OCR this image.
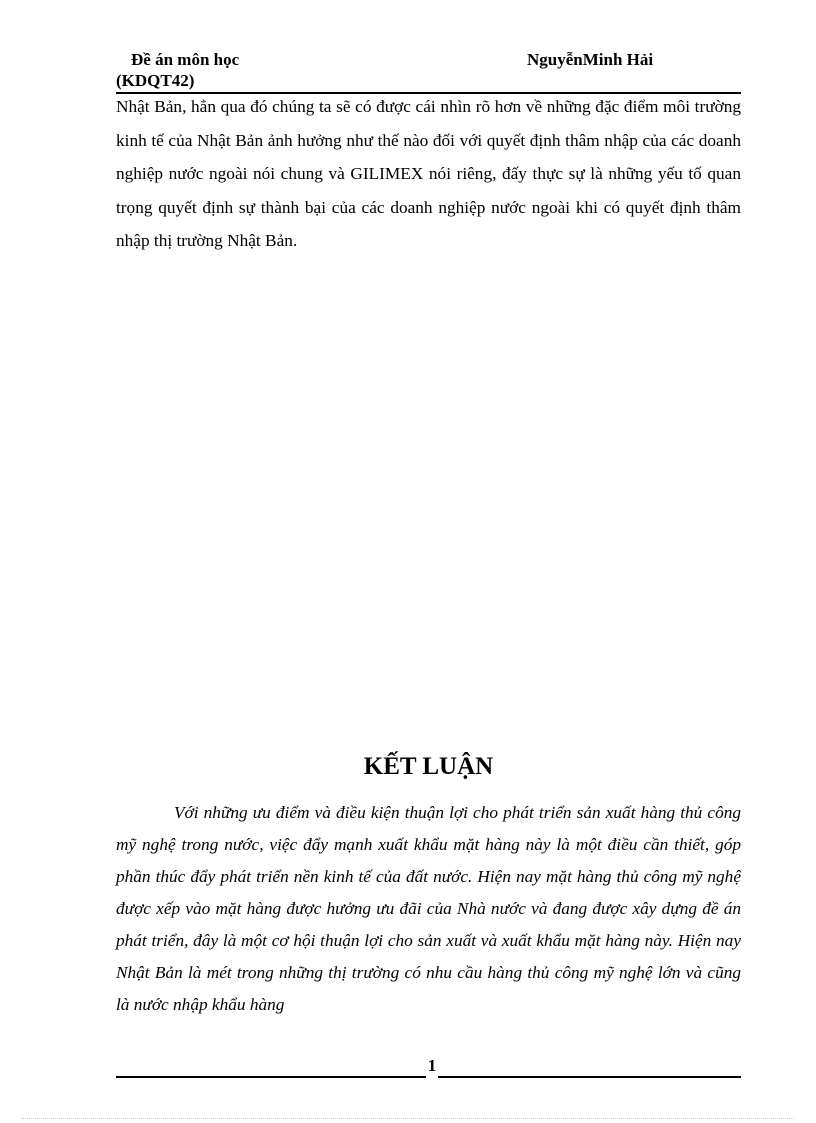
Đề án môn học
(KDQT42)
NguyễnMinh Hải
Nhật Bản, hẳn qua đó chúng ta sẽ có được cái nhìn rõ hơn về những đặc điểm môi trường kinh tế của Nhật Bản ảnh hưởng như thế nào đối với quyết định thâm nhập của các doanh nghiệp nước ngoài nói chung và GILIMEX nói riêng, đấy thực sự là những yếu tố quan trọng quyết định sự thành bại của các doanh nghiệp nước ngoài khi có quyết định thâm nhập thị trường Nhật Bản.
KẾT LUẬN
Với những ưu điểm và điều kiện thuận lợi cho phát triển sản xuất hàng thủ công mỹ nghệ trong nước, việc đẩy mạnh xuất khẩu mặt hàng này là một điều cần thiết, góp phần thúc đẩy phát triển nền kinh tế của đất nước. Hiện nay mặt hàng thủ công mỹ nghệ được xếp vào mặt hàng được hưởng ưu đãi của Nhà nước và đang được xây dựng đề án phát triển, đây là một cơ hội thuận lợi cho sản xuất và xuất khẩu mặt hàng này. Hiện nay Nhật Bản là mét trong những thị trường có nhu cầu hàng thủ công mỹ nghệ lớn và cũng là nước nhập khẩu hàng
1
